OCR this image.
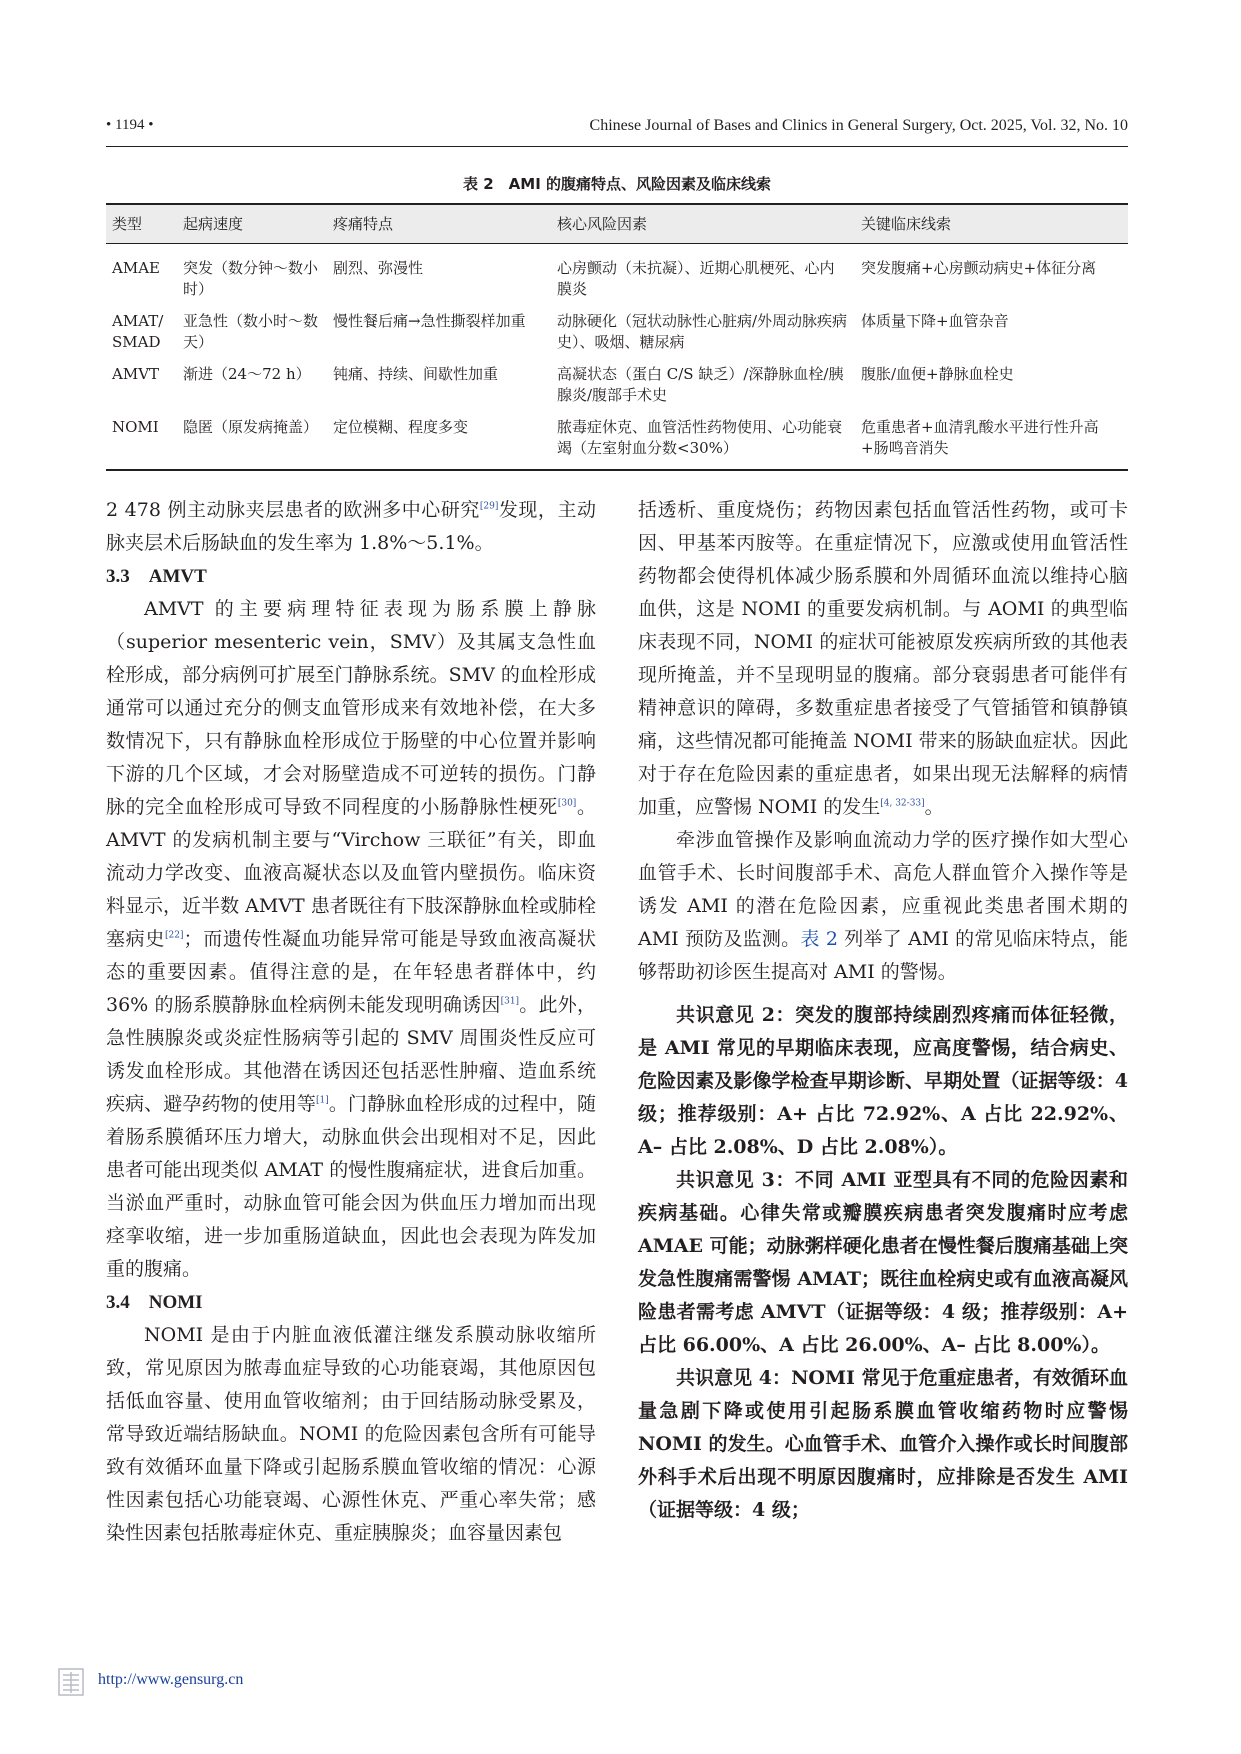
• 1194 •	Chinese Journal of Bases and Clinics in General Surgery, Oct. 2025, Vol. 32, No. 10
表 2　AMI 的腹痛特点、风险因素及临床线索
类型	起病速度	疼痛特点	核心风险因素	关键临床线索
AMAE	突发（数分钟～数小时）	剧烈、弥漫性	心房颤动（未抗凝）、近期心肌梗死、心内膜炎	突发腹痛+心房颤动病史+体征分离
AMAT/ SMAD	亚急性（数小时～数天）	慢性餐后痛→急性撕裂样加重	动脉硬化（冠状动脉性心脏病/外周动脉疾病史）、吸烟、糖尿病	体质量下降+血管杂音
AMVT	渐进（24～72 h）	钝痛、持续、间歇性加重	高凝状态（蛋白 C/S 缺乏）/深静脉血栓/胰腺炎/腹部手术史	腹胀/血便+静脉血栓史
NOMI	隐匿（原发病掩盖）	定位模糊、程度多变	脓毒症休克、血管活性药物使用、心功能衰竭（左室射血分数<30%）	危重患者+血清乳酸水平进行性升高+肠鸣音消失

2 478 例主动脉夹层患者的欧洲多中心研究[29]发现，主动脉夹层术后肠缺血的发生率为 1.8%～5.1%。

3.3　AMVT

AMVT 的主要病理特征表现为肠系膜上静脉（superior mesenteric vein，SMV）及其属支急性血栓形成，部分病例可扩展至门静脉系统。SMV 的血栓形成通常可以通过充分的侧支血管形成来有效地补偿，在大多数情况下，只有静脉血栓形成位于肠壁的中心位置并影响下游的几个区域，才会对肠壁造成不可逆转的损伤。门静脉的完全血栓形成可导致不同程度的小肠静脉性梗死[30]。AMVT 的发病机制主要与“Virchow 三联征”有关，即血流动力学改变、血液高凝状态以及血管内壁损伤。临床资料显示，近半数 AMVT 患者既往有下肢深静脉血栓或肺栓塞病史[22]；而遗传性凝血功能异常可能是导致血液高凝状态的重要因素。值得注意的是，在年轻患者群体中，约 36% 的肠系膜静脉血栓病例未能发现明确诱因[31]。此外，急性胰腺炎或炎症性肠病等引起的 SMV 周围炎性反应可诱发血栓形成。其他潜在诱因还包括恶性肿瘤、造血系统疾病、避孕药物的使用等[1]。门静脉血栓形成的过程中，随着肠系膜循环压力增大，动脉血供会出现相对不足，因此患者可能出现类似 AMAT 的慢性腹痛症状，进食后加重。当淤血严重时，动脉血管可能会因为供血压力增加而出现痉挛收缩，进一步加重肠道缺血，因此也会表现为阵发加重的腹痛。

3.4　NOMI

NOMI 是由于内脏血液低灌注继发系膜动脉收缩所致，常见原因为脓毒血症导致的心功能衰竭，其他原因包括低血容量、使用血管收缩剂；由于回结肠动脉受累及，常导致近端结肠缺血。NOMI 的危险因素包含所有可能导致有效循环血量下降或引起肠系膜血管收缩的情况：心源性因素包括心功能衰竭、心源性休克、严重心率失常；感染性因素包括脓毒症休克、重症胰腺炎；血容量因素包

括透析、重度烧伤；药物因素包括血管活性药物，或可卡因、甲基苯丙胺等。在重症情况下，应激或使用血管活性药物都会使得机体减少肠系膜和外周循环血流以维持心脑血供，这是 NOMI 的重要发病机制。与 AOMI 的典型临床表现不同，NOMI 的症状可能被原发疾病所致的其他表现所掩盖，并不呈现明显的腹痛。部分衰弱患者可能伴有精神意识的障碍，多数重症患者接受了气管插管和镇静镇痛，这些情况都可能掩盖 NOMI 带来的肠缺血症状。因此对于存在危险因素的重症患者，如果出现无法解释的病情加重，应警惕 NOMI 的发生[4, 32-33]。

牵涉血管操作及影响血流动力学的医疗操作如大型心血管手术、长时间腹部手术、高危人群血管介入操作等是诱发 AMI 的潜在危险因素，应重视此类患者围术期的 AMI 预防及监测。表 2 列举了 AMI 的常见临床特点，能够帮助初诊医生提高对 AMI 的警惕。

共识意见 2：突发的腹部持续剧烈疼痛而体征轻微，是 AMI 常见的早期临床表现，应高度警惕，结合病史、危险因素及影像学检查早期诊断、早期处置（证据等级：4 级；推荐级别：A+ 占比 72.92%、A 占比 22.92%、A– 占比 2.08%、D 占比 2.08%）。

共识意见 3：不同 AMI 亚型具有不同的危险因素和疾病基础。心律失常或瓣膜疾病患者突发腹痛时应考虑 AMAE 可能；动脉粥样硬化患者在慢性餐后腹痛基础上突发急性腹痛需警惕 AMAT；既往血栓病史或有血液高凝风险患者需考虑 AMVT（证据等级：4 级；推荐级别：A+ 占比 66.00%、A 占比 26.00%、A– 占比 8.00%）。

共识意见 4：NOMI 常见于危重症患者，有效循环血量急剧下降或使用引起肠系膜血管收缩药物时应警惕 NOMI 的发生。心血管手术、血管介入操作或长时间腹部外科手术后出现不明原因腹痛时，应排除是否发生 AMI（证据等级：4 级；

http://www.gensurg.cn
